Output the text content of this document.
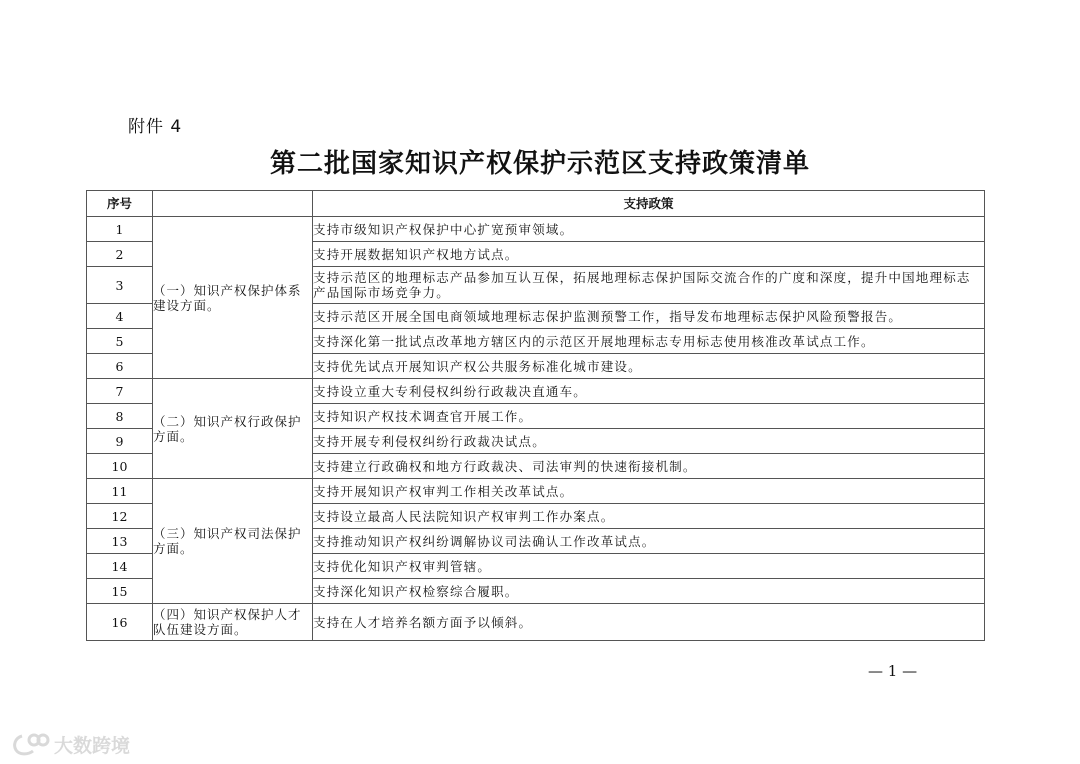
附件 4
第二批国家知识产权保护示范区支持政策清单
序号		支持政策
1	（一）知识产权保护体系建设方面。	支持市级知识产权保护中心扩宽预审领域。
2		支持开展数据知识产权地方试点。
3		支持示范区的地理标志产品参加互认互保，拓展地理标志保护国际交流合作的广度和深度，提升中国地理标志产品国际市场竞争力。
4		支持示范区开展全国电商领域地理标志保护监测预警工作，指导发布地理标志保护风险预警报告。
5		支持深化第一批试点改革地方辖区内的示范区开展地理标志专用标志使用核准改革试点工作。
6		支持优先试点开展知识产权公共服务标准化城市建设。
7	（二）知识产权行政保护方面。	支持设立重大专利侵权纠纷行政裁决直通车。
8		支持知识产权技术调查官开展工作。
9		支持开展专利侵权纠纷行政裁决试点。
10		支持建立行政确权和地方行政裁决、司法审判的快速衔接机制。
11	（三）知识产权司法保护方面。	支持开展知识产权审判工作相关改革试点。
12		支持设立最高人民法院知识产权审判工作办案点。
13		支持推动知识产权纠纷调解协议司法确认工作改革试点。
14		支持优化知识产权审判管辖。
15		支持深化知识产权检察综合履职。
16	（四）知识产权保护人才队伍建设方面。	支持在人才培养名额方面予以倾斜。
— 1 —
大数跨境
